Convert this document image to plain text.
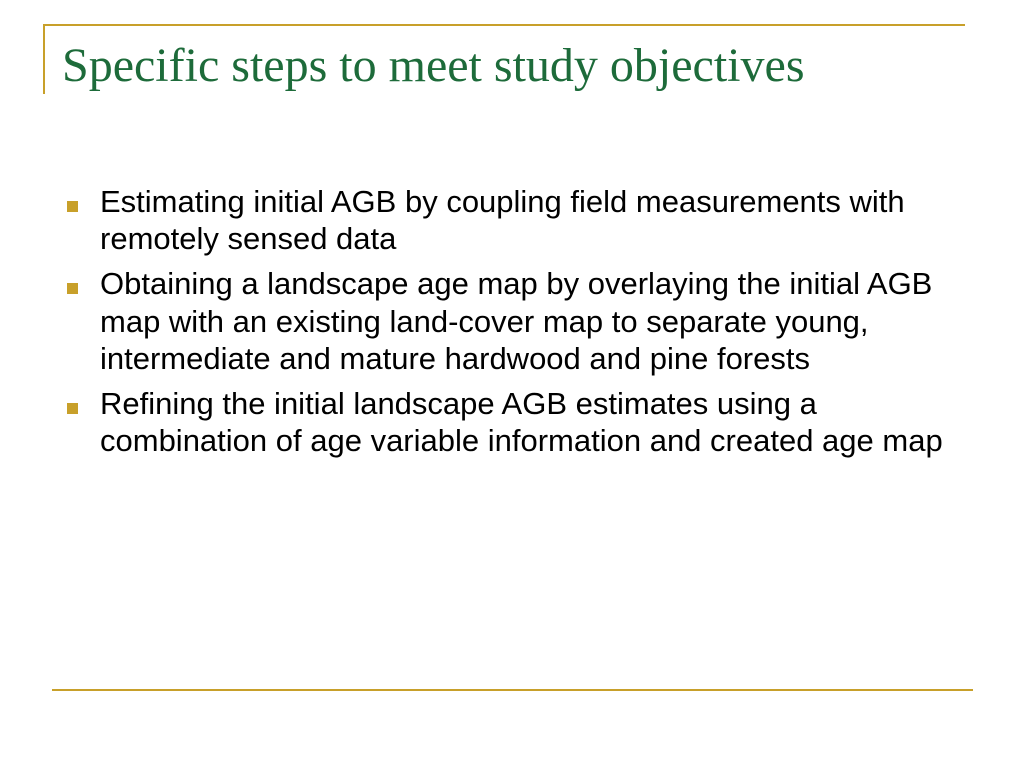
Specific steps to meet study objectives
Estimating initial AGB by coupling field measurements with remotely sensed data
Obtaining a landscape age map by overlaying the initial AGB map with an existing land-cover map to separate young, intermediate and mature hardwood and pine forests
Refining the initial landscape AGB estimates using a combination of age variable information and created age map
